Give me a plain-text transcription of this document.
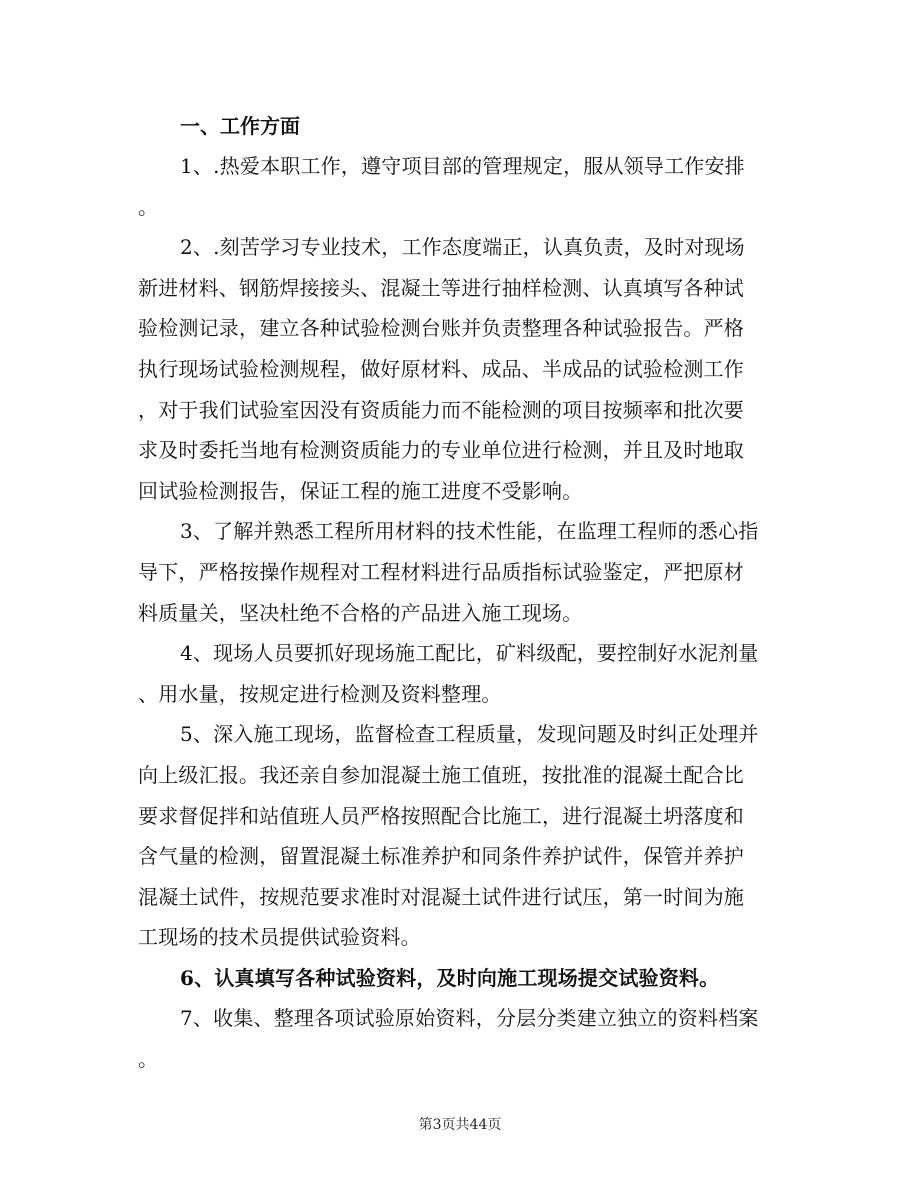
一、工作方面

1、.热爱本职工作，遵守项目部的管理规定，服从领导工作安排
。

2、.刻苦学习专业技术，工作态度端正，认真负责，及时对现场
新进材料、钢筋焊接接头、混凝土等进行抽样检测、认真填写各种试
验检测记录，建立各种试验检测台账并负责整理各种试验报告。严格
执行现场试验检测规程，做好原材料、成品、半成品的试验检测工作
，对于我们试验室因没有资质能力而不能检测的项目按频率和批次要
求及时委托当地有检测资质能力的专业单位进行检测，并且及时地取
回试验检测报告，保证工程的施工进度不受影响。

3、了解并熟悉工程所用材料的技术性能，在监理工程师的悉心指
导下，严格按操作规程对工程材料进行品质指标试验鉴定，严把原材
料质量关，坚决杜绝不合格的产品进入施工现场。

4、现场人员要抓好现场施工配比，矿料级配，要控制好水泥剂量
、用水量，按规定进行检测及资料整理。

5、深入施工现场，监督检查工程质量，发现问题及时纠正处理并
向上级汇报。我还亲自参加混凝土施工值班，按批准的混凝土配合比
要求督促拌和站值班人员严格按照配合比施工，进行混凝土坍落度和
含气量的检测，留置混凝土标准养护和同条件养护试件，保管并养护
混凝土试件，按规范要求准时对混凝土试件进行试压，第一时间为施
工现场的技术员提供试验资料。

6、认真填写各种试验资料，及时向施工现场提交试验资料。

7、收集、整理各项试验原始资料，分层分类建立独立的资料档案
。

第3页共44页
